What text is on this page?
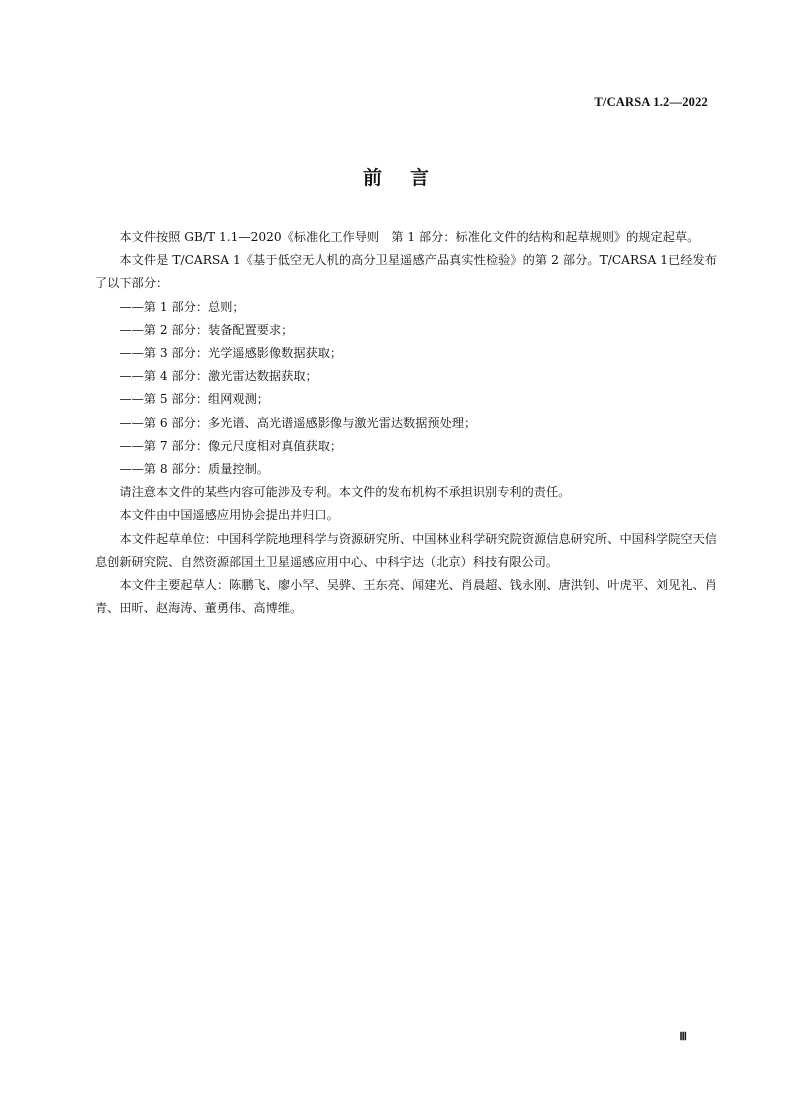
T/CARSA 1.2—2022
前言

本文件按照 GB/T 1.1—2020《标准化工作导则　第 1 部分：标准化文件的结构和起草规则》的规定起草。

本文件是 T/CARSA 1《基于低空无人机的高分卫星遥感产品真实性检验》的第 2 部分。T/CARSA 1已经发布了以下部分：

——第 1 部分：总则；

——第 2 部分：装备配置要求；

——第 3 部分：光学遥感影像数据获取；

——第 4 部分：激光雷达数据获取；

——第 5 部分：组网观测；

——第 6 部分：多光谱、高光谱遥感影像与激光雷达数据预处理；

——第 7 部分：像元尺度相对真值获取；

——第 8 部分：质量控制。

请注意本文件的某些内容可能涉及专利。本文件的发布机构不承担识别专利的责任。

本文件由中国遥感应用协会提出并归口。

本文件起草单位：中国科学院地理科学与资源研究所、中国林业科学研究院资源信息研究所、中国科学院空天信息创新研究院、自然资源部国土卫星遥感应用中心、中科宇达（北京）科技有限公司。

本文件主要起草人：陈鹏飞、廖小罕、吴骅、王东亮、闻建光、肖晨超、钱永刚、唐洪钊、叶虎平、刘见礼、肖青、田昕、赵海涛、董勇伟、高博维。

Ⅲ
